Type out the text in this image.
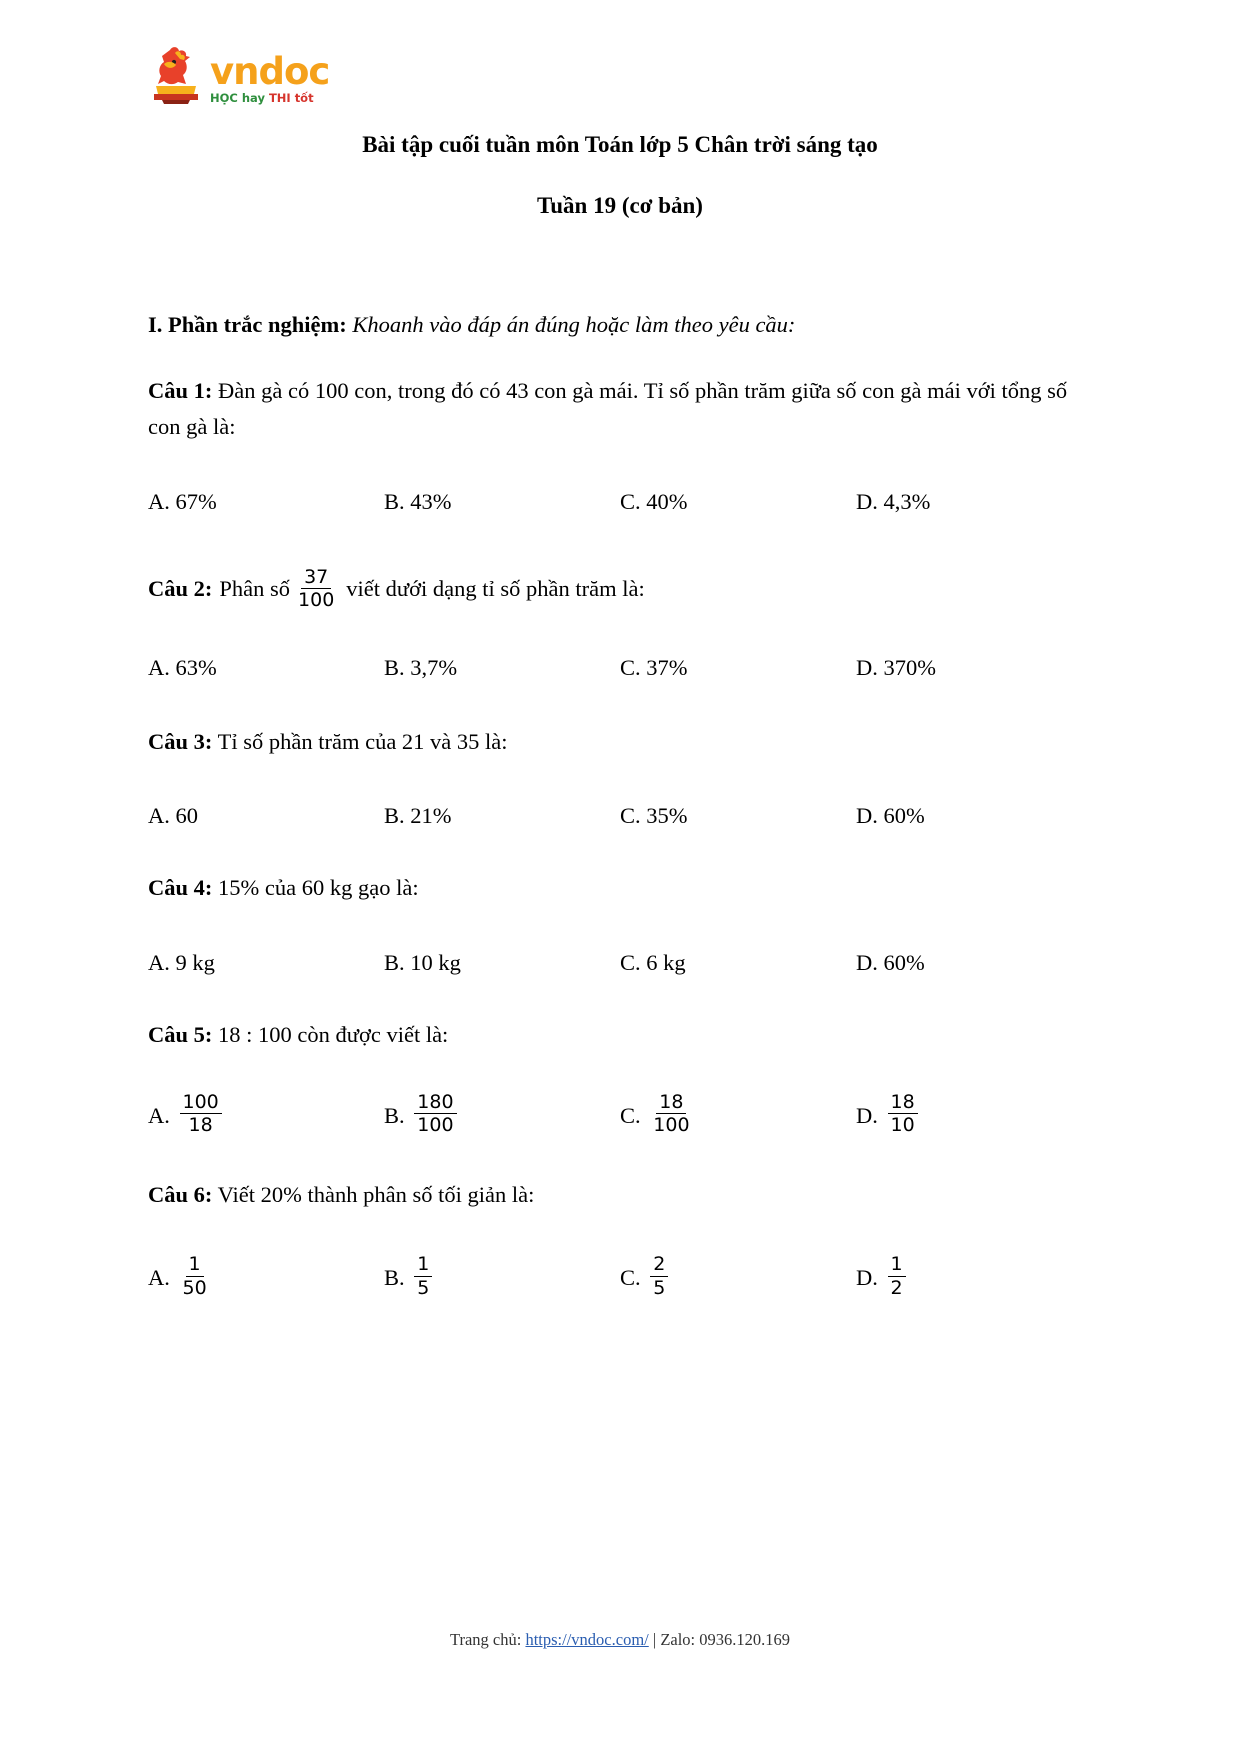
vndoc
HỌC hay THI tốt
Bài tập cuối tuần môn Toán lớp 5 Chân trời sáng tạo
Tuần 19 (cơ bản)

I. Phần trắc nghiệm: Khoanh vào đáp án đúng hoặc làm theo yêu cầu:

Câu 1: Đàn gà có 100 con, trong đó có 43 con gà mái. Tỉ số phần trăm giữa số con gà mái với tổng số con gà là:

A. 67%	B. 43%	C. 40%	D. 4,3%
Câu 2: Phân số $\frac{37}{100}$ viết dưới dạng tỉ số phần trăm là:
A. 63%	B. 3,7%	C. 37%	D. 370%

Câu 3: Tỉ số phần trăm của 21 và 35 là:

A. 60	B. 21%	C. 35%	D. 60%

Câu 4: 15% của 60 kg gạo là:

A. 9 kg	B. 10 kg	C. 6 kg	D. 60%

Câu 5: 18 : 100 còn được viết là:

A. $\frac{100}{18}$	B. $\frac{180}{100}$	C. $\frac{18}{100}$	D. $\frac{18}{10}$

Câu 6: Viết 20% thành phân số tối giản là:

A. $\frac{1}{50}$	B. $\frac{1}{5}$	C. $\frac{2}{5}$	D. $\frac{1}{2}$
Trang chủ: https://vndoc.com/ | Zalo: 0936.120.169
